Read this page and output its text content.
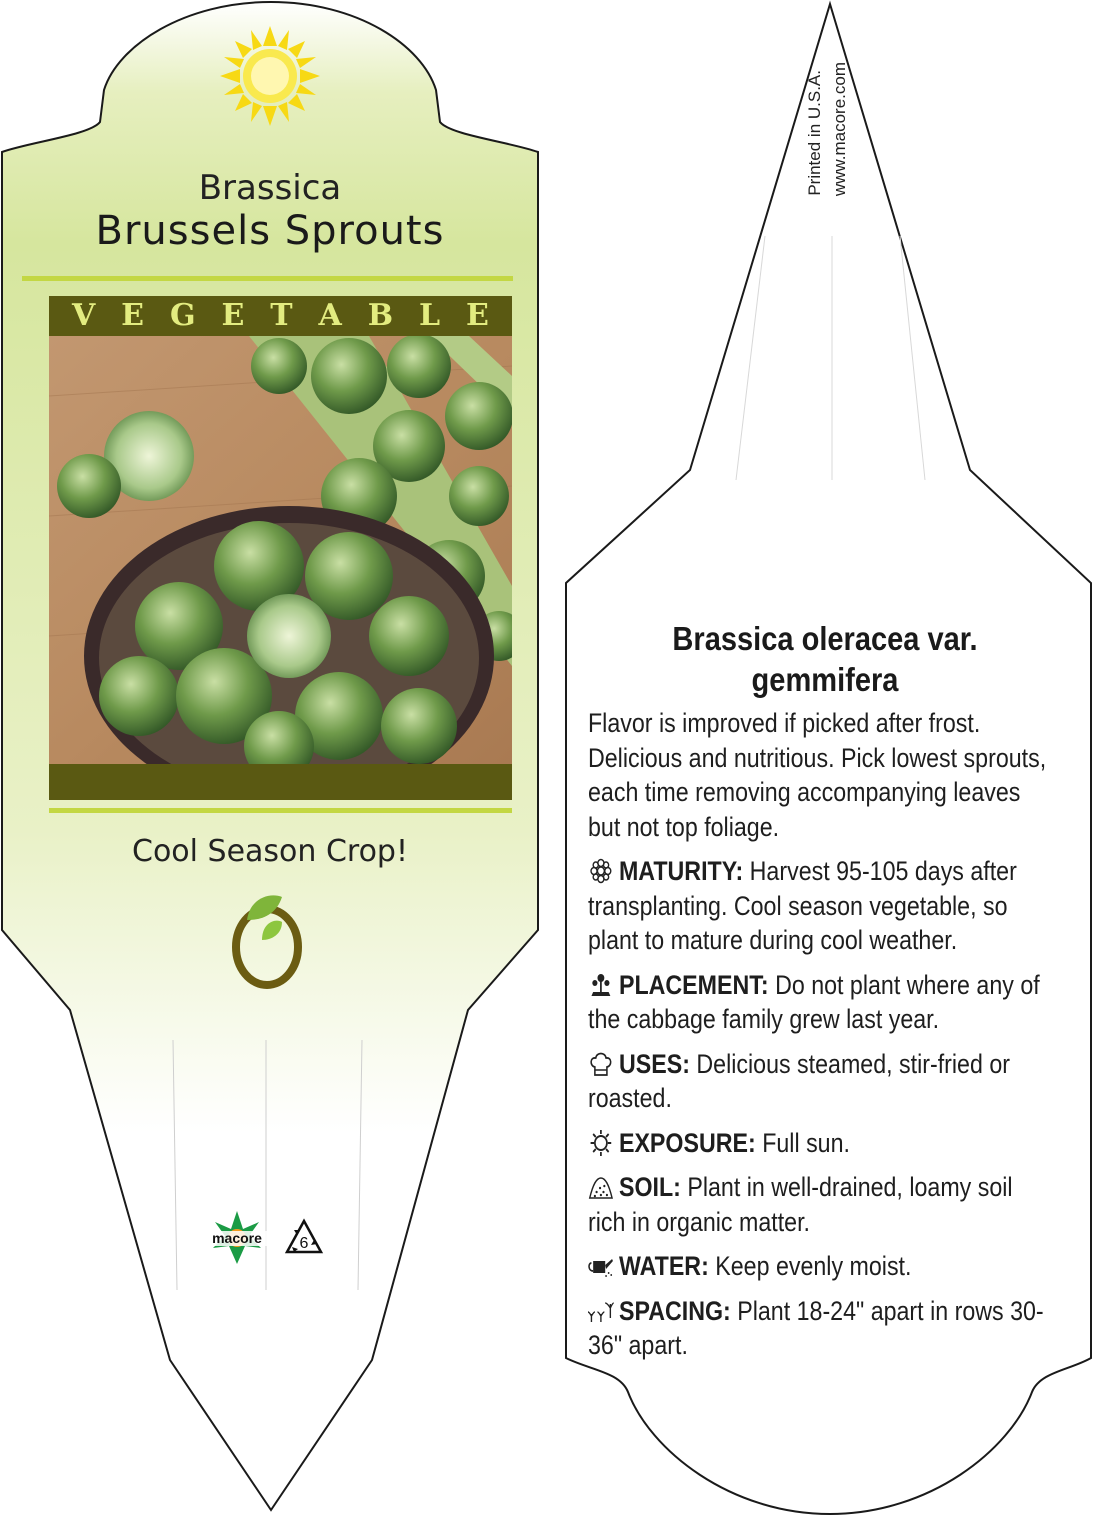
Brassica
Brussels Sprouts
V E G E T A B L E
Cool Season Crop!
macore 6
Printed in U.S.A. www.macore.com
Brassica oleracea var.
gemmifera
Flavor is improved if picked after frost. Delicious and nutritious. Pick lowest sprouts, each time removing accompanying leaves but not top foliage.
MATURITY: Harvest 95-105 days after transplanting. Cool season vegetable, so plant to mature during cool weather.
PLACEMENT: Do not plant where any of the cabbage family grew last year.
USES: Delicious steamed, stir-fried or roasted.
EXPOSURE: Full sun.
SOIL: Plant in well-drained, loamy soil rich in organic matter.
WATER: Keep evenly moist.
SPACING: Plant 18-24" apart in rows 30-36" apart.
